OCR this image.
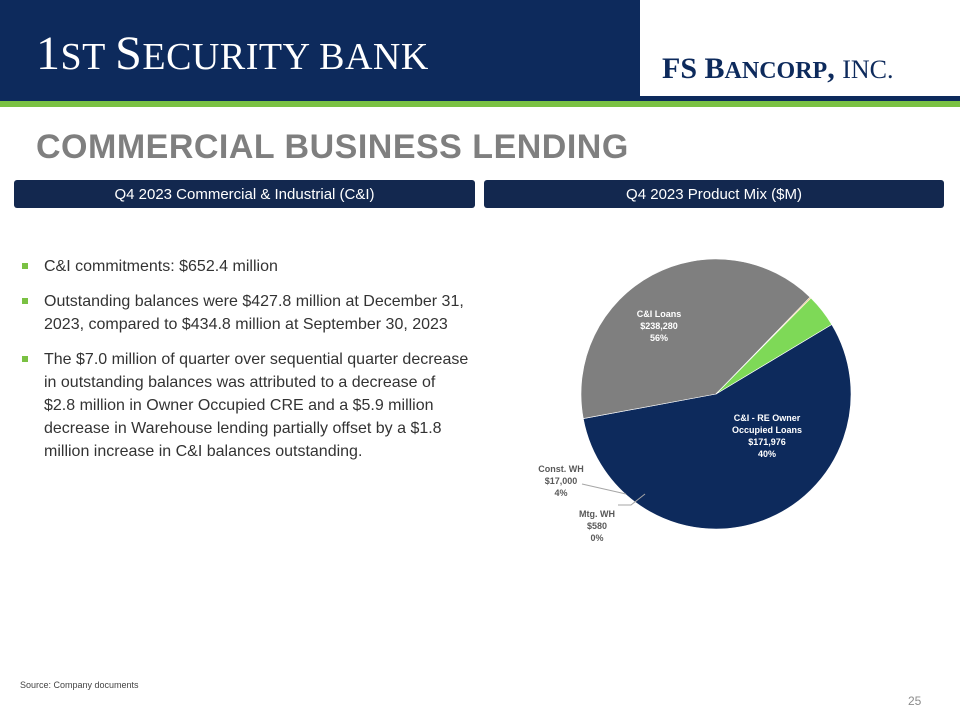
1ST SECURITY BANK	FS BANCORP, INC.
COMMERCIAL BUSINESS LENDING
Q4 2023 Commercial & Industrial (C&I)	Q4 2023 Product Mix ($M)
C&I commitments: $652.4 million
Outstanding balances were $427.8 million at December 31, 2023, compared to $434.8 million at September 30, 2023
The $7.0 million of quarter over sequential quarter decrease in outstanding balances was attributed to a decrease of $2.8 million in Owner Occupied CRE and a $5.9 million decrease in Warehouse lending partially offset by a $1.8 million increase in C&I balances outstanding.
C&I Loans $238,280 56%
C&I - RE Owner Occupied Loans $171,976 40%
Mtg. WH $580 0%
Const. WH $17,000 4%
Source: Company documents
25
